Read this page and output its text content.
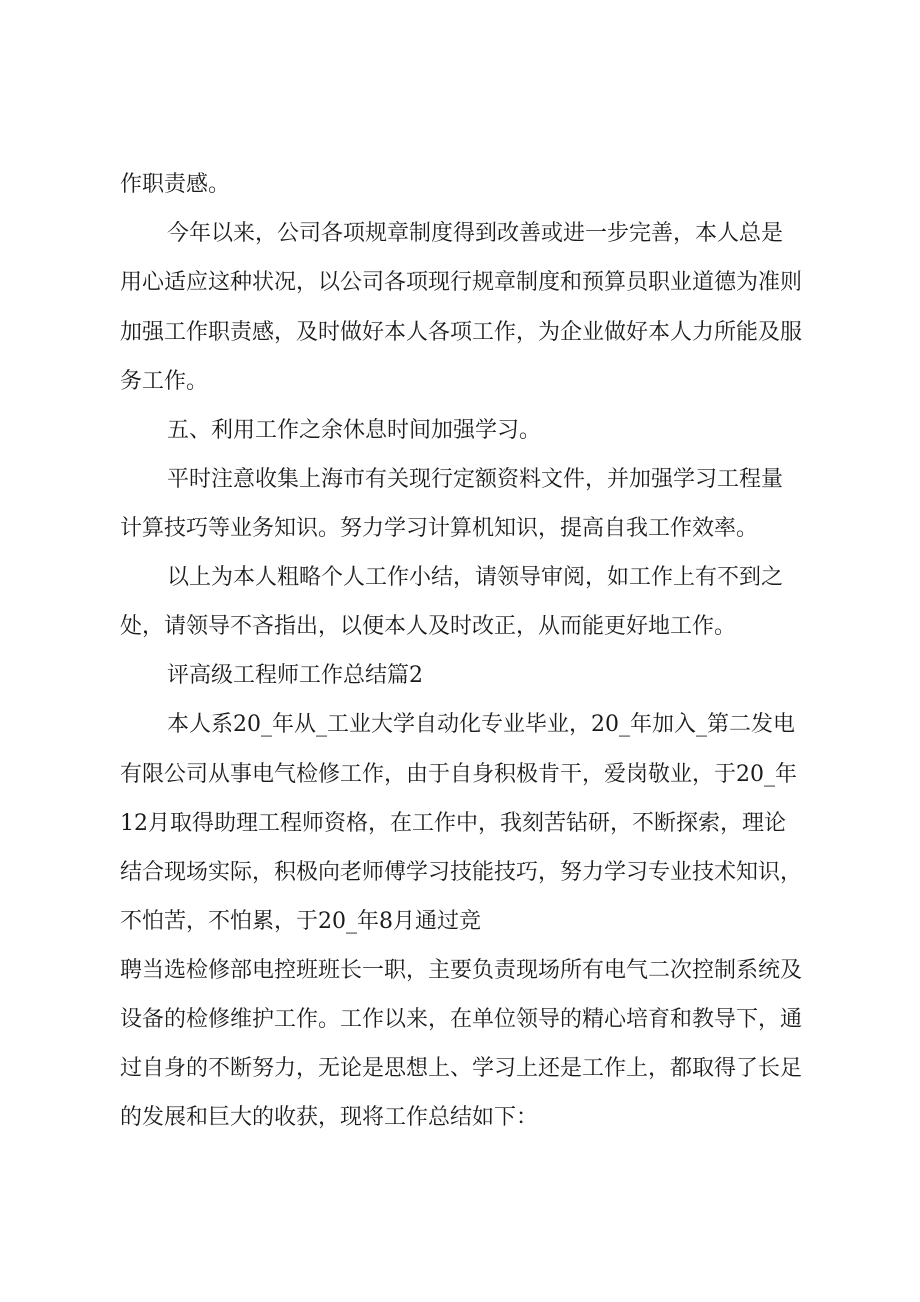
作职责感。

今年以来，公司各项规章制度得到改善或进一步完善，本人总是

用心适应这种状况，以公司各项现行规章制度和预算员职业道德为准则

加强工作职责感，及时做好本人各项工作，为企业做好本人力所能及服

务工作。

五、利用工作之余休息时间加强学习。

平时注意收集上海市有关现行定额资料文件，并加强学习工程量

计算技巧等业务知识。努力学习计算机知识，提高自我工作效率。

以上为本人粗略个人工作小结，请领导审阅，如工作上有不到之

处，请领导不吝指出，以便本人及时改正，从而能更好地工作。

评高级工程师工作总结篇2

本人系20_年从_工业大学自动化专业毕业，20_年加入_第二发电

有限公司从事电气检修工作，由于自身积极肯干，爱岗敬业，于20_年

12月取得助理工程师资格，在工作中，我刻苦钻研，不断探索，理论

结合现场实际，积极向老师傅学习技能技巧，努力学习专业技术知识，

不怕苦，不怕累，于20_年8月通过竞

聘当选检修部电控班班长一职，主要负责现场所有电气二次控制系统及

设备的检修维护工作。工作以来，在单位领导的精心培育和教导下，通

过自身的不断努力，无论是思想上、学习上还是工作上，都取得了长足

的发展和巨大的收获，现将工作总结如下：
